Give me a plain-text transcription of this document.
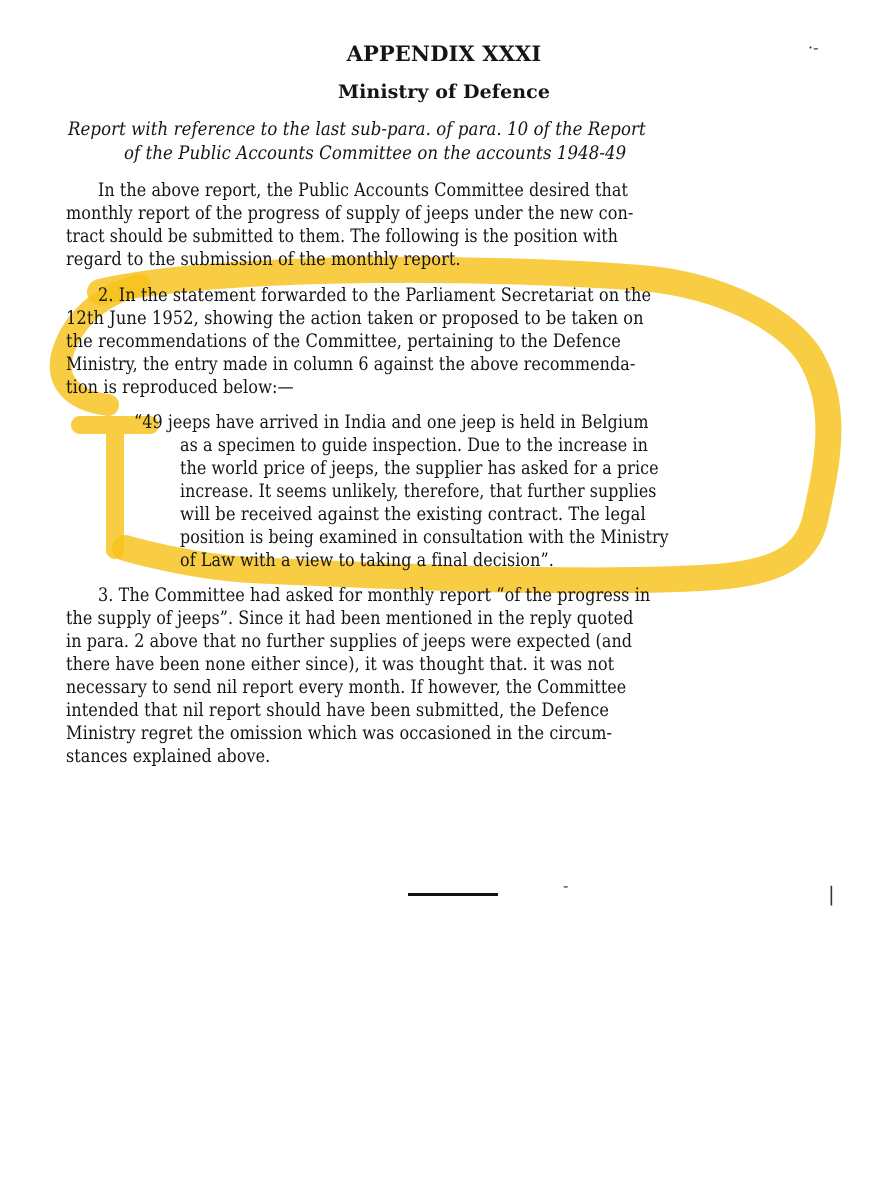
APPENDIX XXXI
Ministry of Defence
Report with reference to the last sub-para. of para. 10 of the Report
of the Public Accounts Committee on the accounts 1948-49
In the above report, the Public Accounts Committee desired that
monthly report of the progress of supply of jeeps under the new con-
tract should be submitted to them. The following is the position with
regard to the submission of the monthly report.
2. In the statement forwarded to the Parliament Secretariat on the
12th June 1952, showing the action taken or proposed to be taken on
the recommendations of the Committee, pertaining to the Defence
Ministry, the entry made in column 6 against the above recommenda-
tion is reproduced below:—
“49 jeeps have arrived in India and one jeep is held in Belgium
as a specimen to guide inspection. Due to the increase in
the world price of jeeps, the supplier has asked for a price
increase. It seems unlikely, therefore, that further supplies
will be received against the existing contract. The legal
position is being examined in consultation with the Ministry
of Law with a view to taking a final decision”.
3. The Committee had asked for monthly report “of the progress in
the supply of jeeps”. Since it had been mentioned in the reply quoted
in para. 2 above that no further supplies of jeeps were expected (and
there have been none either since), it was thought that. it was not
necessary to send nil report every month. If however, the Committee
intended that nil report should have been submitted, the Defence
Ministry regret the omission which was occasioned in the circum-
stances explained above.
-	|
·-
